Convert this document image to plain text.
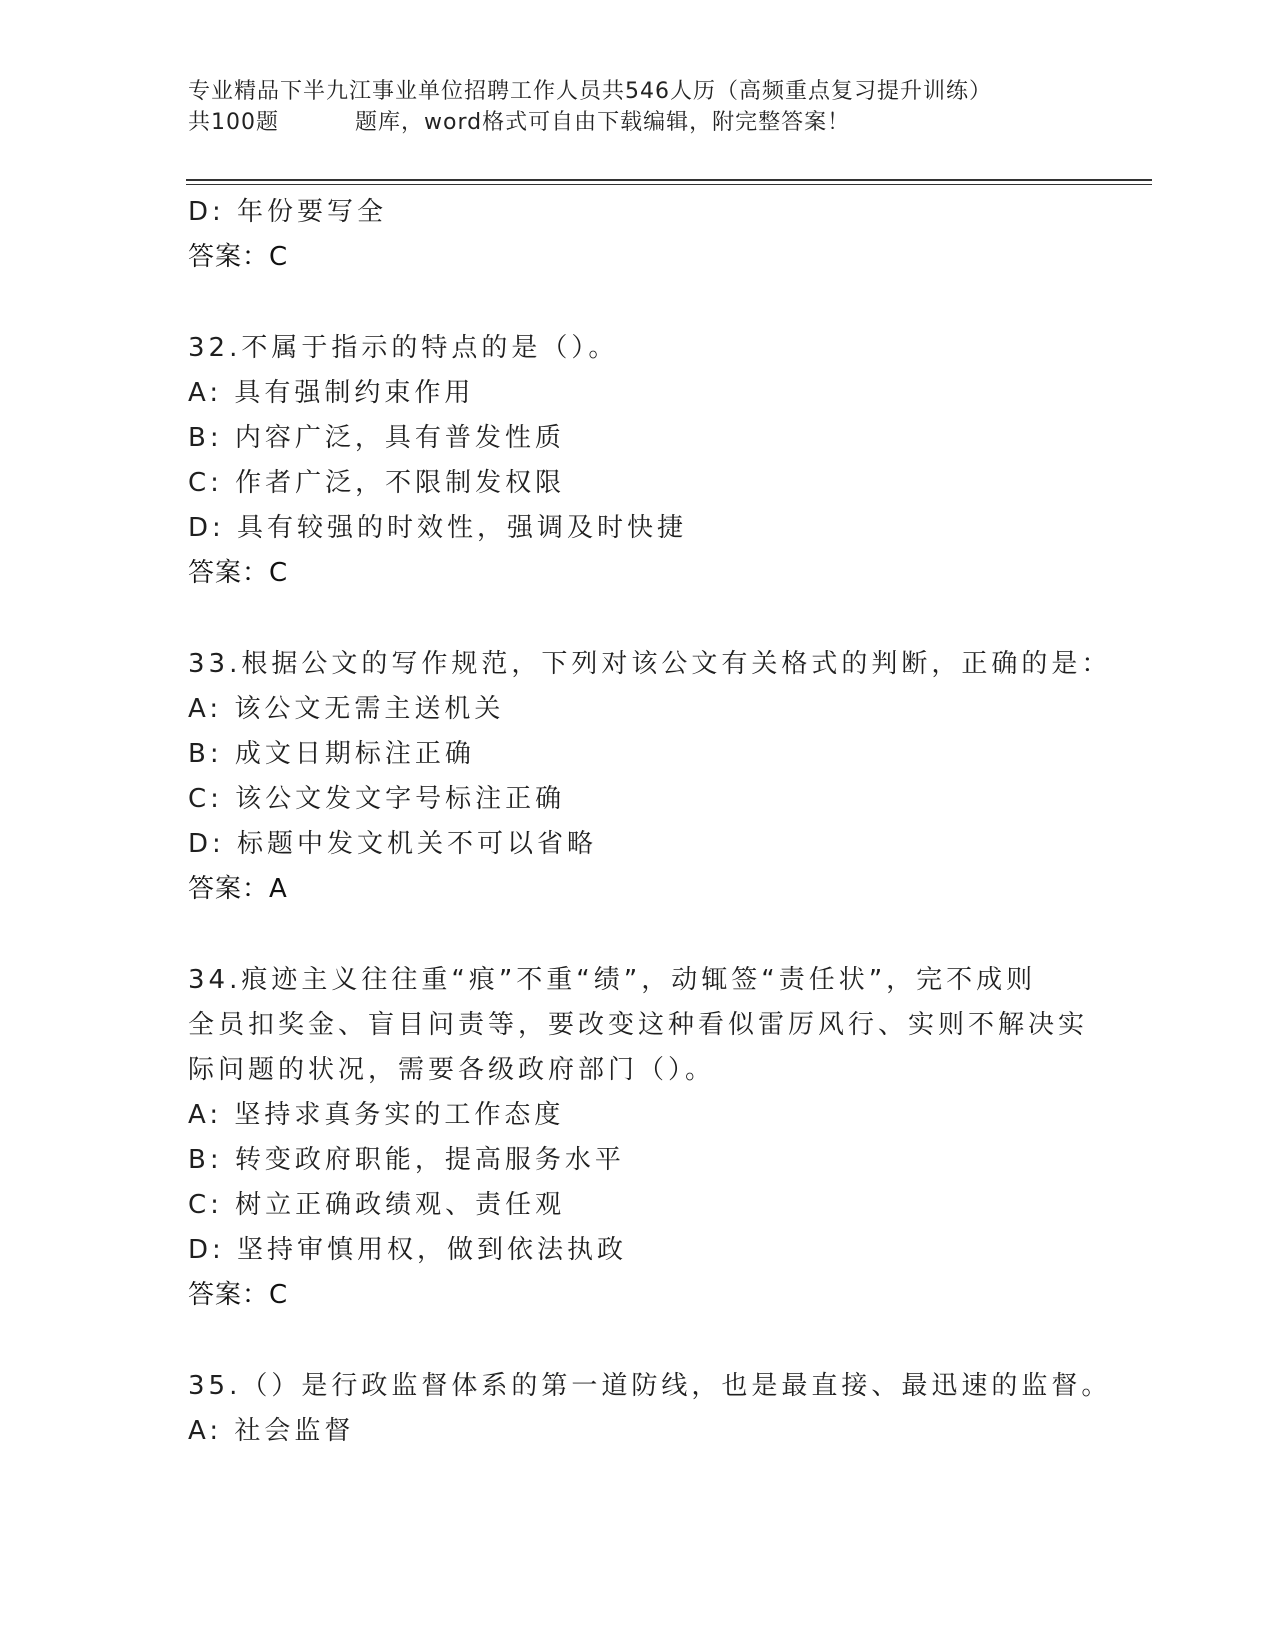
专业精品下半九江事业单位招聘工作人员共546人历（高频重点复习提升训练）
共100题	题库，word格式可自由下载编辑，附完整答案！
D: 年份要写全
答案：C
32.不属于指示的特点的是（）。
A: 具有强制约束作用
B: 内容广泛，具有普发性质
C: 作者广泛，不限制发权限
D: 具有较强的时效性，强调及时快捷
答案：C
33.根据公文的写作规范，下列对该公文有关格式的判断，正确的是：
A: 该公文无需主送机关
B: 成文日期标注正确
C: 该公文发文字号标注正确
D: 标题中发文机关不可以省略
答案：A
34.痕迹主义往往重“痕”不重“绩”，动辄签“责任状”，完不成则
全员扣奖金、盲目问责等，要改变这种看似雷厉风行、实则不解决实
际问题的状况，需要各级政府部门（）。
A: 坚持求真务实的工作态度
B: 转变政府职能，提高服务水平
C: 树立正确政绩观、责任观
D: 坚持审慎用权，做到依法执政
答案：C
35.（）是行政监督体系的第一道防线，也是最直接、最迅速的监督。
A: 社会监督
